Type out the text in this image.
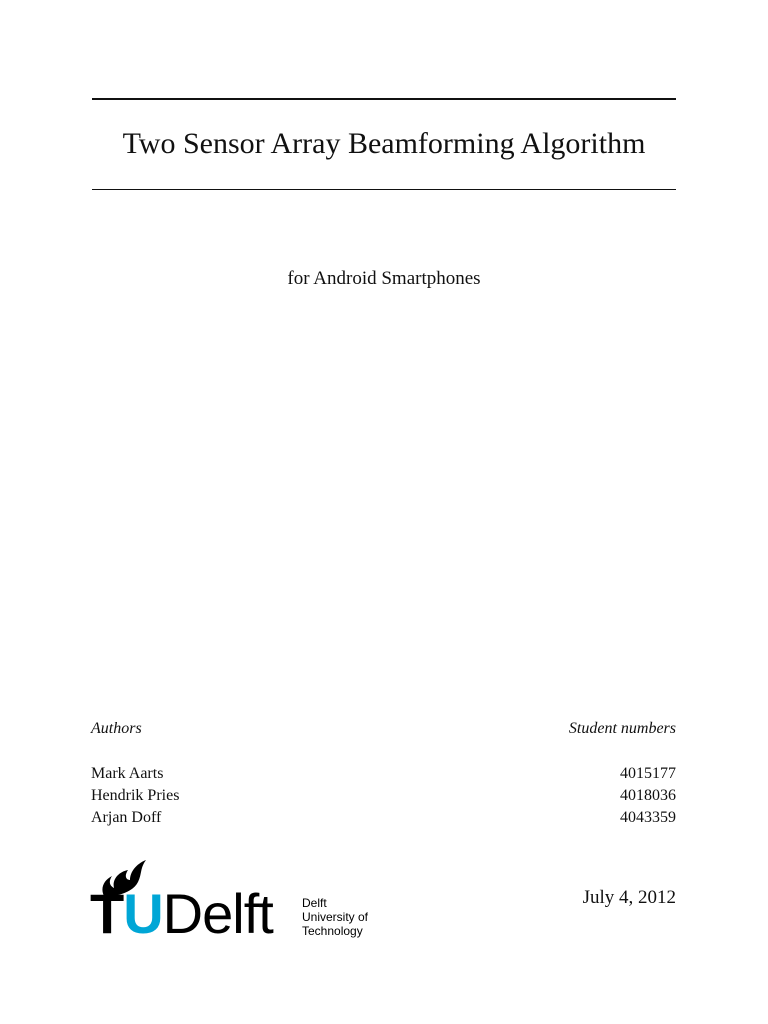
Two Sensor Array Beamforming Algorithm
for Android Smartphones
Authors	Student numbers
Mark Aarts
Hendrik Pries
Arjan Doff
4015177
4018036
4043359
July 4, 2012
TUDelft Delft
University of
Technology
